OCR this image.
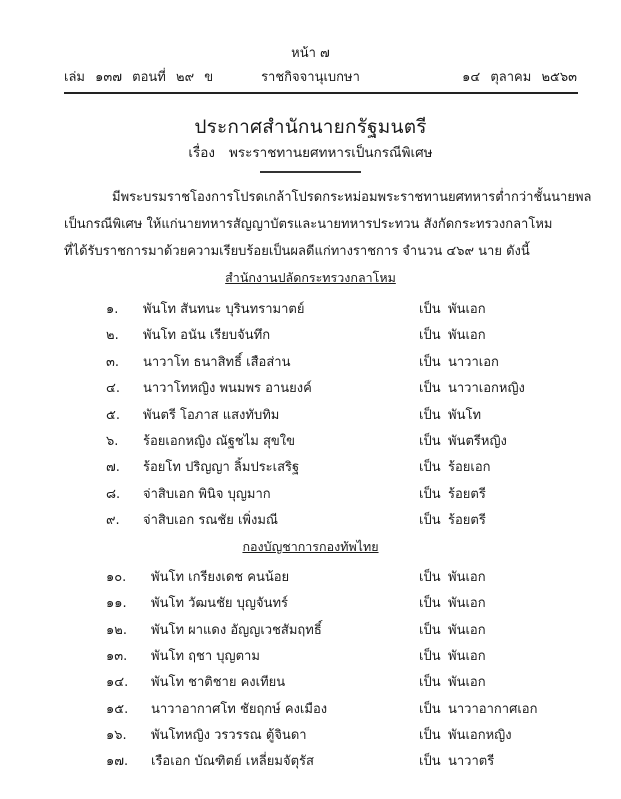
หน้า ๗
เล่ม ๑๓๗ ตอนที่ ๒๙ ข	ราชกิจจานุเบกษา	๑๔ ตุลาคม ๒๕๖๓
ประกาศสำนักนายกรัฐมนตรี
เรื่อง พระราชทานยศทหารเป็นกรณีพิเศษ
มีพระบรมราชโองการโปรดเกล้าโปรดกระหม่อมพระราชทานยศทหารต่ำกว่าชั้นนายพล
เป็นกรณีพิเศษ ให้แก่นายทหารสัญญาบัตรและนายทหารประทวน สังกัดกระทรวงกลาโหม
ที่ได้รับราชการมาด้วยความเรียบร้อยเป็นผลดีแก่ทางราชการ จำนวน ๔๖๙ นาย ดังนี้
สำนักงานปลัดกระทรวงกลาโหม
๑.	พันโท สันทนะ บุรินทรามาตย์	เป็น พันเอก
๒.	พันโท อนัน เรียบจันทึก	เป็น พันเอก
๓.	นาวาโท ธนาสิทธิ์ เสือส่าน	เป็น นาวาเอก
๔.	นาวาโทหญิง พนมพร อานยงค์	เป็น นาวาเอกหญิง
๕.	พันตรี โอภาส แสงทับทิม	เป็น พันโท
๖.	ร้อยเอกหญิง ณัฐชไม สุขใข	เป็น พันตรีหญิง
๗.	ร้อยโท ปริญญา ลิ้มประเสริฐ	เป็น ร้อยเอก
๘.	จ่าสิบเอก พินิจ บุญมาก	เป็น ร้อยตรี
๙.	จ่าสิบเอก รณชัย เพิ่งมณี	เป็น ร้อยตรี
กองบัญชาการกองทัพไทย
๑๐.	พันโท เกรียงเดช คนน้อย	เป็น พันเอก
๑๑.	พันโท วัฒนชัย บุญจันทร์	เป็น พันเอก
๑๒.	พันโท ผาแดง อัญญเวชสัมฤทธิ์	เป็น พันเอก
๑๓.	พันโท ฤชา บุญตาม	เป็น พันเอก
๑๔.	พันโท ชาติชาย คงเทียน	เป็น พันเอก
๑๕.	นาวาอากาศโท ชัยฤกษ์ คงเมือง	เป็น นาวาอากาศเอก
๑๖.	พันโทหญิง วรวรรณ ตู้จินดา	เป็น พันเอกหญิง
๑๗.	เรือเอก บัณฑิตย์ เหลี่ยมจัตุรัส	เป็น นาวาตรี
